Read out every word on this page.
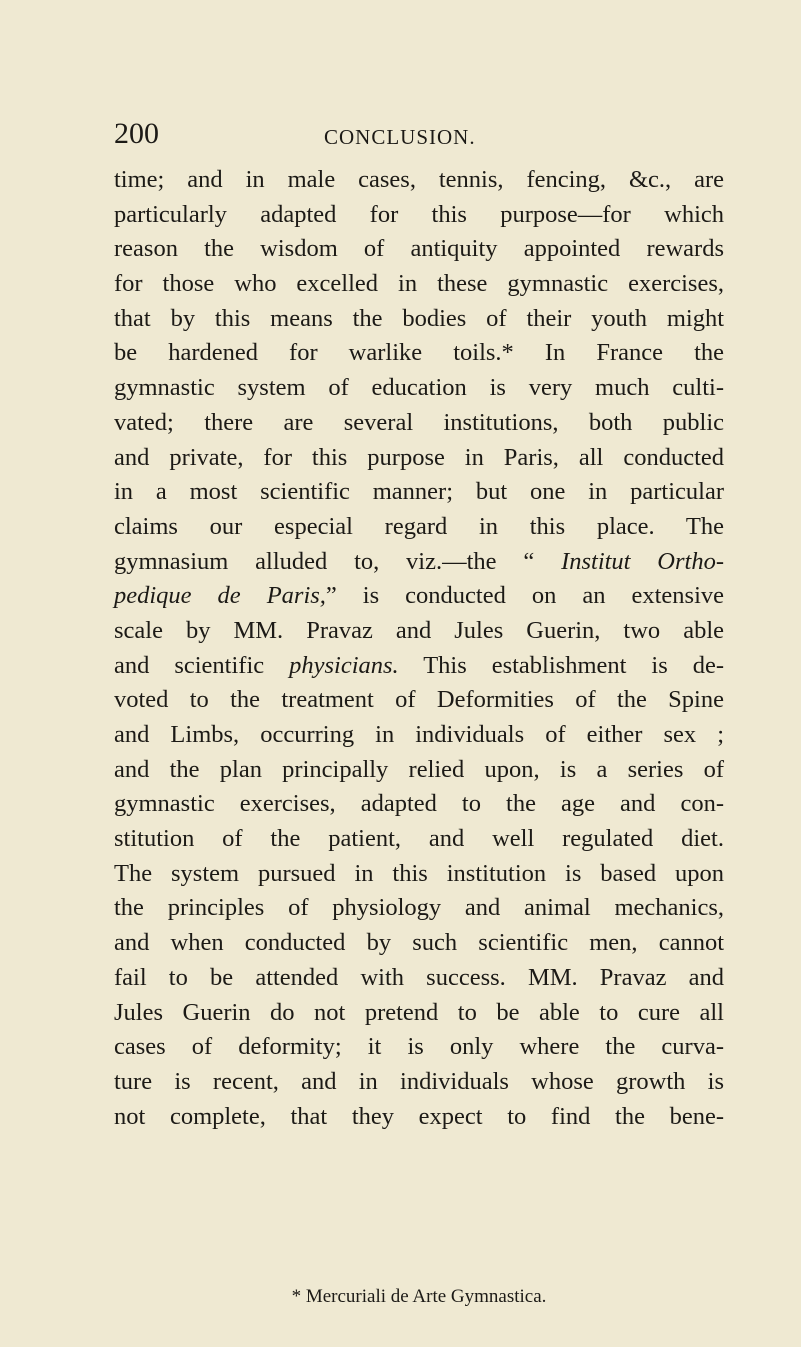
200	CONCLUSION.
time; and in male cases, tennis, fencing, &c., are
particularly adapted for this purpose—for which
reason the wisdom of antiquity appointed rewards
for those who excelled in these gymnastic exercises,
that by this means the bodies of their youth might
be hardened for warlike toils.* In France the
gymnastic system of education is very much culti-
vated; there are several institutions, both public
and private, for this purpose in Paris, all conducted
in a most scientific manner; but one in particular
claims our especial regard in this place. The
gymnasium alluded to, viz.—the “ Institut Ortho-
pedique de Paris,” is conducted on an extensive
scale by MM. Pravaz and Jules Guerin, two able
and scientific physicians. This establishment is de-
voted to the treatment of Deformities of the Spine
and Limbs, occurring in individuals of either sex ;
and the plan principally relied upon, is a series of
gymnastic exercises, adapted to the age and con-
stitution of the patient, and well regulated diet.
The system pursued in this institution is based upon
the principles of physiology and animal mechanics,
and when conducted by such scientific men, cannot
fail to be attended with success. MM. Pravaz and
Jules Guerin do not pretend to be able to cure all
cases of deformity; it is only where the curva-
ture is recent, and in individuals whose growth is
not complete, that they expect to find the bene-
* Mercuriali de Arte Gymnastica.
